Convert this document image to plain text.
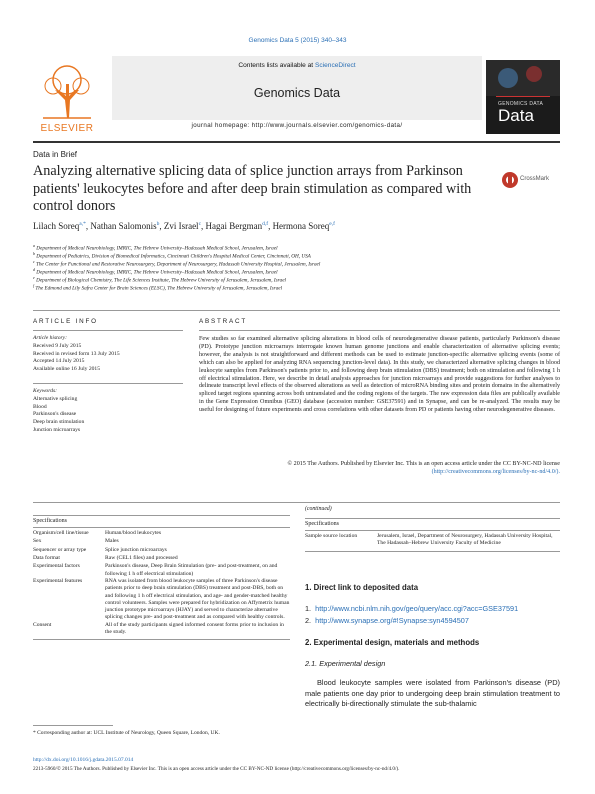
Genomics Data 5 (2015) 340–343
ELSEVIER
Contents lists available at ScienceDirect
Genomics Data
journal homepage: http://www.journals.elsevier.com/genomics-data/
GENOMICS DATA
Data
Data in Brief
Analyzing alternative splicing data of splice junction arrays from Parkinson patients' leukocytes before and after deep brain stimulation as compared with control donors
CrossMark
Lilach Soreq$^{a,*}$, Nathan Salomonis$^b$, Zvi Israel$^c$, Hagai Bergman$^{d,f}$, Hermona Soreq$^{e,f}$
$^a$ Department of Medical Neurobiology, IMRIC, The Hebrew University–Hadassah Medical School, Jerusalem, Israel
$^b$ Department of Pediatrics, Division of Biomedical Informatics, Cincinnati Children's Hospital Medical Center, Cincinnati, OH, USA
$^c$ The Center for Functional and Restorative Neurosurgery, Department of Neurosurgery, Hadassah University Hospital, Jerusalem, Israel
$^d$ Department of Medical Neurobiology, IMRIC, The Hebrew University–Hadassah Medical School, Jerusalem, Israel
$^e$ Department of Biological Chemistry, The Life Sciences Institute, The Hebrew University of Jerusalem, Jerusalem, Israel
$^f$ The Edmond and Lily Safra Center for Brain Sciences (ELSC), The Hebrew University of Jerusalem, Jerusalem, Israel
ARTICLE INFO
Article history:
Received 9 July 2015
Received in revised form 13 July 2015
Accepted 14 July 2015
Available online 16 July 2015
Keywords:
Alternative splicing
Blood
Parkinson's disease
Deep brain stimulation
Junction microarrays
ABSTRACT
Few studies so far examined alternative splicing alterations in blood cells of neurodegenerative disease patients, particularly Parkinson's disease (PD). Prototype junction microarrays interrogate known human genome junctions and enable characterization of alternative splicing events; however, the analysis is not straightforward and different methods can be used to estimate junction-specific alternative splicing events (some of which can also be applied for analyzing RNA sequencing junction-level data). In this study, we characterized alternative splicing changes in blood leukocyte samples from Parkinson's patients prior to, and following deep brain stimulation (DBS) treatment; both on stimulation and following 1 h off electrical stimulation. Here, we describe in detail analysis approaches for junction microarrays and provide suggestions for further analyses to delineate transcript level effects of the observed alterations as well as detection of microRNA binding sites and protein domains in the alternatively spliced target regions spanning across both untranslated and the coding regions of the targets. The raw expression data files are publically available in the Gene Expression Omnibus (GEO) database (accession number: GSE37591) and in Synapse, and can be re-analyzed. The results may be useful for designing of future experiments and cross correlations with other datasets from PD or patients having other neurodegenerative diseases.
© 2015 The Authors. Published by Elsevier Inc. This is an open access article under the CC BY-NC-ND license
(http://creativecommons.org/licenses/by-nc-nd/4.0/).
Specifications
Organism/cell line/tissue	Human/blood leukocytes
Sex	Males
Sequencer or array type	Splice junction microarrays
Data format	Raw (CEL1 files) and processed
Experimental factors	Parkinson's disease, Deep Brain Stimulation (pre- and post-treatment, on and following 1 h off electrical stimulation)
Experimental features	RNA was isolated from blood leukocyte samples of three Parkinson's disease patients prior to deep brain stimulation (DBS) treatment and post-DBS, both on and following 1 h off electrical stimulation, and age- and gender-matched healthy control volunteers. Samples were prepared for hybridization on Affymetrix human junction prototype microarrays (HJAY) and served to characterize alternative splicing changes pre- and post-treatment and as compared with healthy controls.
Consent	All of the study participants signed informed consent forms prior to inclusion in the study.
(continued)
Specifications
Sample source location	Jerusalem, Israel, Department of Neurosurgery, Hadassah University Hospital, The Hadassah–Hebrew University Faculty of Medicine
1. Direct link to deposited data
1. http://www.ncbi.nlm.nih.gov/geo/query/acc.cgi?acc=GSE37591
2. http://www.synapse.org/#!Synapse:syn4594507
2. Experimental design, materials and methods
2.1. Experimental design
Blood leukocyte samples were isolated from Parkinson's disease (PD) male patients one day prior to undergoing deep brain stimulation treatment to electrically bi-directionally stimulate the sub-thalamic
* Corresponding author at: UCL Institute of Neurology, Queen Square, London, UK.
http://dx.doi.org/10.1016/j.gdata.2015.07.014
2213-5960/© 2015 The Authors. Published by Elsevier Inc. This is an open access article under the CC BY-NC-ND license (http://creativecommons.org/licenses/by-nc-nd/4.0/).
